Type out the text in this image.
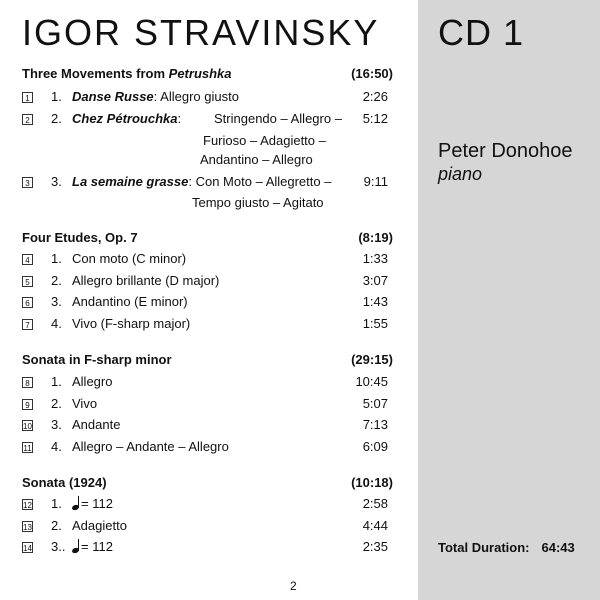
IGOR STRAVINSKY
Three Movements from Petrushka	(16:50)
1 1. Danse Russe: Allegro giusto	2:26
2 2. Chez Pétrouchka:	Stringendo – Allegro – 5:12
Furioso – Adagietto –
Andantino – Allegro
3 3. La semaine grasse: Con Moto – Allegretto – 9:11
Tempo giusto – Agitato
Four Etudes, Op. 7	(8:19)
4 1. Con moto (C minor)	1:33
5 2. Allegro brillante (D major)	3:07
6 3. Andantino (E minor)	1:43
7 4. Vivo (F-sharp major)	1:55
Sonata in F-sharp minor	(29:15)
8 1. Allegro	10:45
9 2. Vivo	5:07
10 3. Andante	7:13
11 4. Allegro – Andante – Allegro	6:09
Sonata (1924)	(10:18)
12 1.	= 112	2:58
13 2. Adagietto	4:44
14 3..	= 112	2:35
2
CD 1
Peter Donohoe
piano
Total Duration: 64:43
